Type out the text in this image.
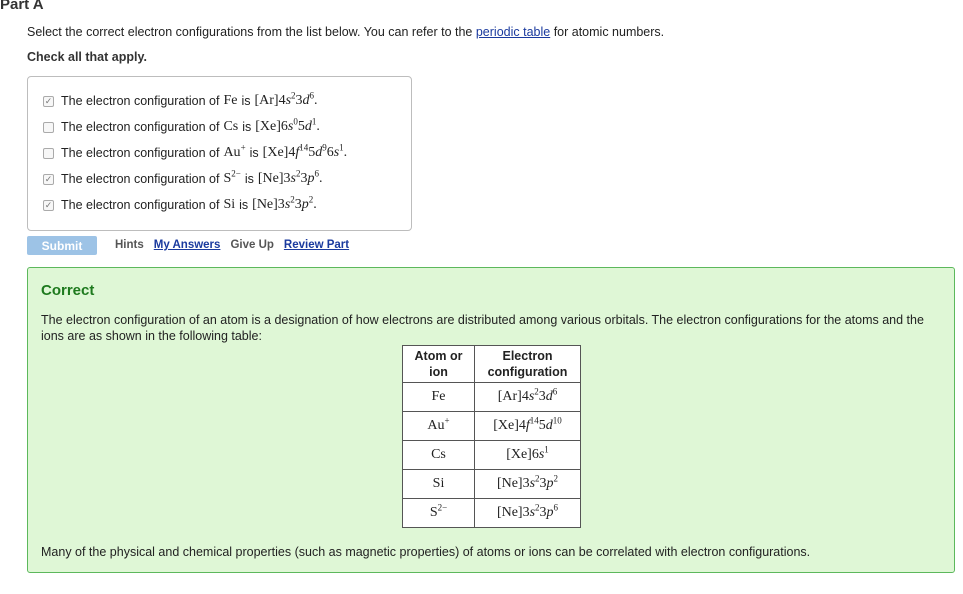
Part A
Select the correct electron configurations from the list below. You can refer to the periodic table for atomic numbers.
Check all that apply.
✓ The electron configuration of Fe is $[Ar]4s^23d^6$.
The electron configuration of Cs is $[Xe]6s^05d^1$.
The electron configuration of Au+ is $[Xe]4f^{14}5d^96s^1$.
✓ The electron configuration of $S^{2-}$ is $[Ne]3s^23p^6$.
✓ The electron configuration of Si is $[Ne]3s^23p^2$.
Submit	Hints My Answers Give Up Review Part
Correct
The electron configuration of an atom is a designation of how electrons are distributed among various orbitals. The electron configurations for the atoms and the ions are as shown in the following table:
Atom or ion	Electron configuration
Fe	$[Ar]4s^23d^6$
Au+	$[Xe]4f^{14}5d^{10}$
Cs	$[Xe]6s^1$
Si	$[Ne]3s^23p^2$
$S^{2-}$	$[Ne]3s^23p^6$
Many of the physical and chemical properties (such as magnetic properties) of atoms or ions can be correlated with electron configurations.
